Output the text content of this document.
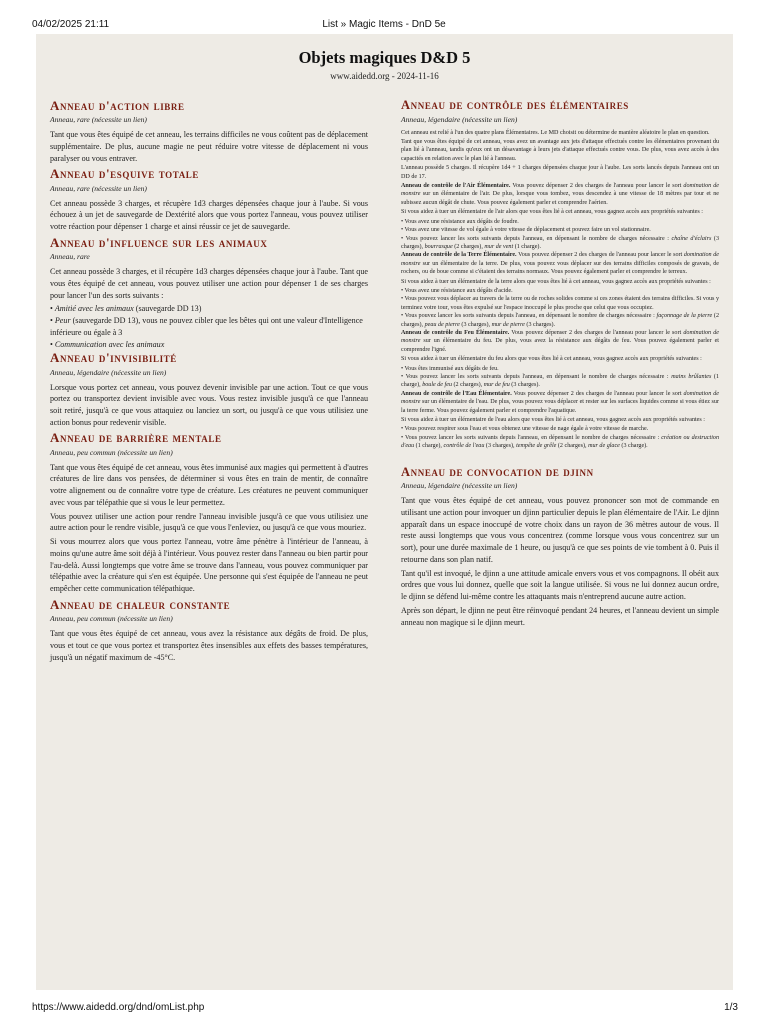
04/02/2025 21:11	List » Magic Items - DnD 5e
Objets magiques D&D 5
www.aidedd.org - 2024-11-16
Anneau d'action libre
Anneau, rare (nécessite un lien)

Tant que vous êtes équipé de cet anneau, les terrains difficiles ne vous coûtent pas de déplacement supplémentaire. De plus, aucune magie ne peut réduire votre vitesse de déplacement ni vous paralyser ou vous entraver.

Anneau d'esquive totale
Anneau, rare (nécessite un lien)

Cet anneau possède 3 charges, et récupère 1d3 charges dépensées chaque jour à l'aube. Si vous échouez à un jet de sauvegarde de Dextérité alors que vous portez l'anneau, vous pouvez utiliser votre réaction pour dépenser 1 charge et ainsi réussir ce jet de sauvegarde.

Anneau d'influence sur les animaux
Anneau, rare

Cet anneau possède 3 charges, et il récupère 1d3 charges dépensées chaque jour à l'aube. Tant que vous êtes équipé de cet anneau, vous pouvez utiliser une action pour dépenser 1 de ses charges pour lancer l'un des sorts suivants :

• Amitié avec les animaux (sauvegarde DD 13)
• Peur (sauvegarde DD 13), vous ne pouvez cibler que les bêtes qui ont une valeur d'Intelligence inférieure ou égale à 3
• Communication avec les animaux
Anneau d'invisibilité
Anneau, légendaire (nécessite un lien)

Lorsque vous portez cet anneau, vous pouvez devenir invisible par une action. Tout ce que vous portez ou transportez devient invisible avec vous. Vous restez invisible jusqu'à ce que l'anneau soit retiré, jusqu'à ce que vous attaquiez ou lanciez un sort, ou jusqu'à ce que vous utilisiez une action bonus pour redevenir visible.

Anneau de barrière mentale
Anneau, peu commun (nécessite un lien)

Tant que vous êtes équipé de cet anneau, vous êtes immunisé aux magies qui permettent à d'autres créatures de lire dans vos pensées, de déterminer si vous êtes en train de mentir, de connaître votre alignement ou de connaître votre type de créature. Les créatures ne peuvent communiquer avec vous par télépathie que si vous le leur permettez.

Vous pouvez utiliser une action pour rendre l'anneau invisible jusqu'à ce que vous utilisiez une autre action pour le rendre visible, jusqu'à ce que vous l'enleviez, ou jusqu'à ce que vous mouriez.

Si vous mourrez alors que vous portez l'anneau, votre âme pénètre à l'intérieur de l'anneau, à moins qu'une autre âme soit déjà à l'intérieur. Vous pouvez rester dans l'anneau ou bien partir pour l'au-delà. Aussi longtemps que votre âme se trouve dans l'anneau, vous pouvez communiquer par télépathie avec la créature qui s'en est équipée. Une personne qui s'est équipée de l'anneau ne peut empêcher cette communication télépathique.

Anneau de chaleur constante
Anneau, peu commun (nécessite un lien)

Tant que vous êtes équipé de cet anneau, vous avez la résistance aux dégâts de froid. De plus, vous et tout ce que vous portez et transportez êtes insensibles aux effets des basses températures, jusqu'à un négatif maximum de -45°C.

Anneau de contrôle des élémentaires
Anneau, légendaire (nécessite un lien)

Cet anneau est relié à l'un des quatre plans Élémentaires. Le MD choisit ou détermine de manière aléatoire le plan en question.

Tant que vous êtes équipé de cet anneau, vous avez un avantage aux jets d'attaque effectués contre les élémentaires provenant du plan lié à l'anneau, tandis qu'eux ont un désavantage à leurs jets d'attaque effectués contre vous. De plus, vous avez accès à des capacités en relation avec le plan lié à l'anneau.

L'anneau possède 5 charges. Il récupère 1d4 + 1 charges dépensées chaque jour à l'aube. Les sorts lancés depuis l'anneau ont un DD de 17.

Anneau de contrôle de l'Air Élémentaire. Vous pouvez dépenser 2 des charges de l'anneau pour lancer le sort domination de monstre sur un élémentaire de l'air. De plus, lorsque vous tombez, vous descendez à une vitesse de 18 mètres par tour et ne subissez aucun dégât de chute. Vous pouvez également parler et comprendre l'aérien.

Si vous aidez à tuer un élémentaire de l'air alors que vous êtes lié à cet anneau, vous gagnez accès aux propriétés suivantes :

• Vous avez une résistance aux dégâts de foudre.
• Vous avez une vitesse de vol égale à votre vitesse de déplacement et pouvez faire un vol stationnaire.
• Vous pouvez lancer les sorts suivants depuis l'anneau, en dépensant le nombre de charges nécessaire : chaîne d'éclairs (3 charges), bourrasque (2 charges), mur de vent (1 charge).

Anneau de contrôle de la Terre Élémentaire. Vous pouvez dépenser 2 des charges de l'anneau pour lancer le sort domination de monstre sur un élémentaire de la terre. De plus, vous pouvez vous déplacer sur des terrains difficiles composés de gravats, de rochers, ou de boue comme si c'étaient des terrains normaux. Vous pouvez également parler et comprendre le terreux.

Si vous aidez à tuer un élémentaire de la terre alors que vous êtes lié à cet anneau, vous gagnez accès aux propriétés suivantes :

• Vous avez une résistance aux dégâts d'acide.
• Vous pouvez vous déplacer au travers de la terre ou de roches solides comme si ces zones étaient des terrains difficiles. Si vous y terminez votre tour, vous êtes expulsé sur l'espace inoccupé le plus proche que celui que vous occupiez.
• Vous pouvez lancer les sorts suivants depuis l'anneau, en dépensant le nombre de charges nécessaire : façonnage de la pierre (2 charges), peau de pierre (3 charges), mur de pierre (3 charges).

Anneau de contrôle du Feu Élémentaire. Vous pouvez dépenser 2 des charges de l'anneau pour lancer le sort domination de monstre sur un élémentaire du feu. De plus, vous avez la résistance aux dégâts de feu. Vous pouvez également parler et comprendre l'igné.

Si vous aidez à tuer un élémentaire du feu alors que vous êtes lié à cet anneau, vous gagnez accès aux propriétés suivantes :

• Vous êtes immunisé aux dégâts de feu.
• Vous pouvez lancer les sorts suivants depuis l'anneau, en dépensant le nombre de charges nécessaire : mains brûlantes (1 charge), boule de feu (2 charges), mur de feu (3 charges).

Anneau de contrôle de l'Eau Élémentaire. Vous pouvez dépenser 2 des charges de l'anneau pour lancer le sort domination de monstre sur un élémentaire de l'eau. De plus, vous pouvez vous déplacer et rester sur les surfaces liquides comme si vous étiez sur la terre ferme. Vous pouvez également parler et comprendre l'aquatique.

Si vous aidez à tuer un élémentaire de l'eau alors que vous êtes lié à cet anneau, vous gagnez accès aux propriétés suivantes :

• Vous pouvez respirer sous l'eau et vous obtenez une vitesse de nage égale à votre vitesse de marche.
• Vous pouvez lancer les sorts suivants depuis l'anneau, en dépensant le nombre de charges nécessaire : création ou destruction d'eau (1 charge), contrôle de l'eau (3 charges), tempête de grêle (2 charges), mur de glace (3 charge).
Anneau de convocation de djinn
Anneau, légendaire (nécessite un lien)

Tant que vous êtes équipé de cet anneau, vous pouvez prononcer son mot de commande en utilisant une action pour invoquer un djinn particulier depuis le plan élémentaire de l'Air. Le djinn apparaît dans un espace inoccupé de votre choix dans un rayon de 36 mètres autour de vous. Il reste aussi longtemps que vous vous concentrez (comme lorsque vous vous concentrez sur un sort), pour une durée maximale de 1 heure, ou jusqu'à ce que ses points de vie tombent à 0. Puis il retourne dans son plan natif.

Tant qu'il est invoqué, le djinn a une attitude amicale envers vous et vos compagnons. Il obéit aux ordres que vous lui donnez, quelle que soit la langue utilisée. Si vous ne lui donnez aucun ordre, le djinn se défend lui-même contre les attaquants mais n'entreprend aucune autre action.

Après son départ, le djinn ne peut être réinvoqué pendant 24 heures, et l'anneau devient un simple anneau non magique si le djinn meurt.

https://www.aidedd.org/dnd/omList.php	1/3
